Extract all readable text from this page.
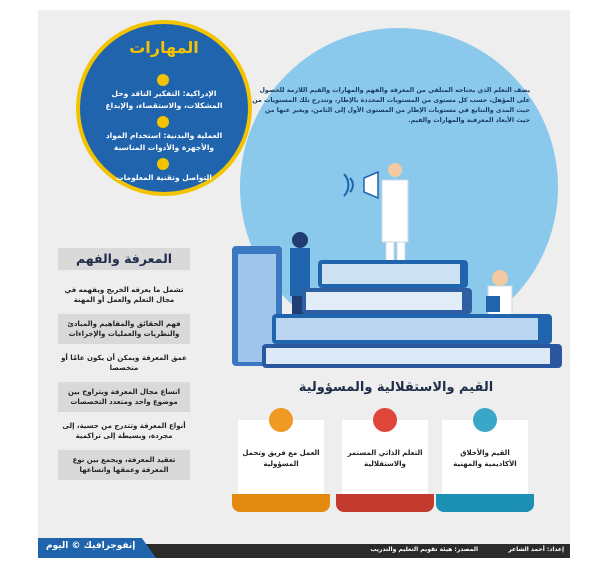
يصف التعلم الذي يحتاجه المتلقي من المعرفة والفهم والمهارات والقيم اللازمة للحصول على المؤهل، حسب كل مستوى من المستويات المحددة بالإطار، وتتدرج تلك المستويات من حيث المدى والتتابع في مستويات الإطار من المستوى الأول إلى الثامن، ويعبر عنها من حيث الأبعاد المعرفية والمهارات والقيم.
المهارات
الإدراكية: التفكير الناقد وحل المشكلات، والاستقصاء، والإبداع
العملية والبدنية: استخدام المواد والأجهزة والأدوات المناسبة
التواصل وتقنية المعلومات
المعرفة والفهم
تشمل ما يعرفه الخريج ويفهمه في مجال التعلم والعمل أو المهنة
فهم الحقائق والمفاهيم والمبادئ والنظريات والعمليات والإجراءات
عمق المعرفة ويمكن أن يكون عامًا أو متخصصا
اتساع مجال المعرفة ويتراوح بين موضوع واحد ومتعدد التخصصات
أنواع المعرفة وتتدرج من حسية، إلى مجردة، وبسيطة إلى تراكمية
تعقيد المعرفة، ويجمع بين نوع المعرفة وعمقها واتساعها
القيم والاستقلالية والمسؤولية
القيم والأخلاق الأكاديمية والمهنية
التعلم الذاتي المستمر والاستقلالية
العمل مع فريق وتحمل المسؤولية
إعداد: أحمد الشاعر
المصدر: هيئة تقويم التعليم والتدريب
إنفوجرافيك © اليوم
